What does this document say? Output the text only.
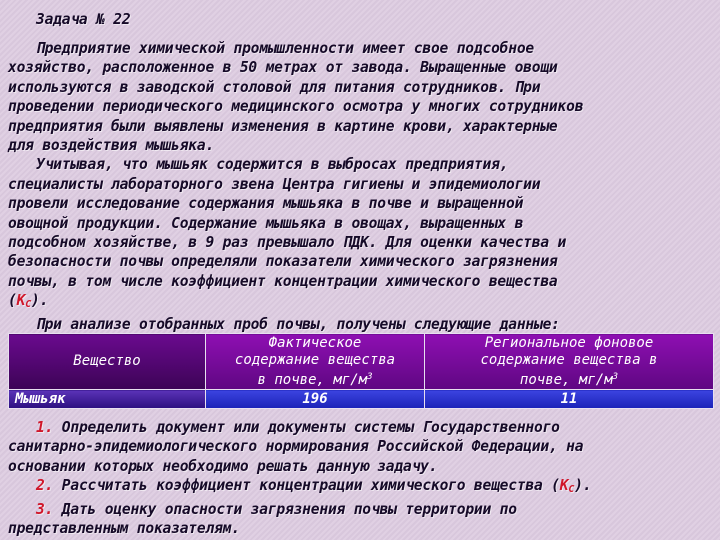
Задача № 22
Предприятие химической промышленности имеет свое подсобное
хозяйство, расположенное в 50 метрах от завода. Выращенные овощи
используются в заводской столовой для питания сотрудников. При
проведении периодического медицинского осмотра у многих сотрудников
предприятия были выявлены изменения в картине крови, характерные
для воздействия мышьяка.
Учитывая, что мышьяк содержится в выбросах предприятия,
специалисты лабораторного звена Центра гигиены и эпидемиологии
провели исследование содержания мышьяка в почве и выращенной
овощной продукции. Содержание мышьяка в овощах, выращенных в
подсобном хозяйстве, в 9 раз превышало ПДК. Для оценки качества и
безопасности почвы определяли показатели химического загрязнения
почвы, в том числе коэффициент концентрации химического вещества
$(К_С)$.
При анализе отобранных проб почвы, получены следующие данные:
Вещество	Фактическое
содержание вещества
в почве, $мг/м^3$	Региональное фоновое
содержание вещества в
почве, $мг/м^3$

Мышьяк	196	11
1. Определить документ или документы системы Государственного
санитарно-эпидемиологического нормирования Российской Федерации, на
основании которых необходимо решать данную задачу.
2. Рассчитать коэффициент концентрации химического вещества $(К_С)$.
3. Дать оценку опасности загрязнения почвы территории по
представленным показателям.
